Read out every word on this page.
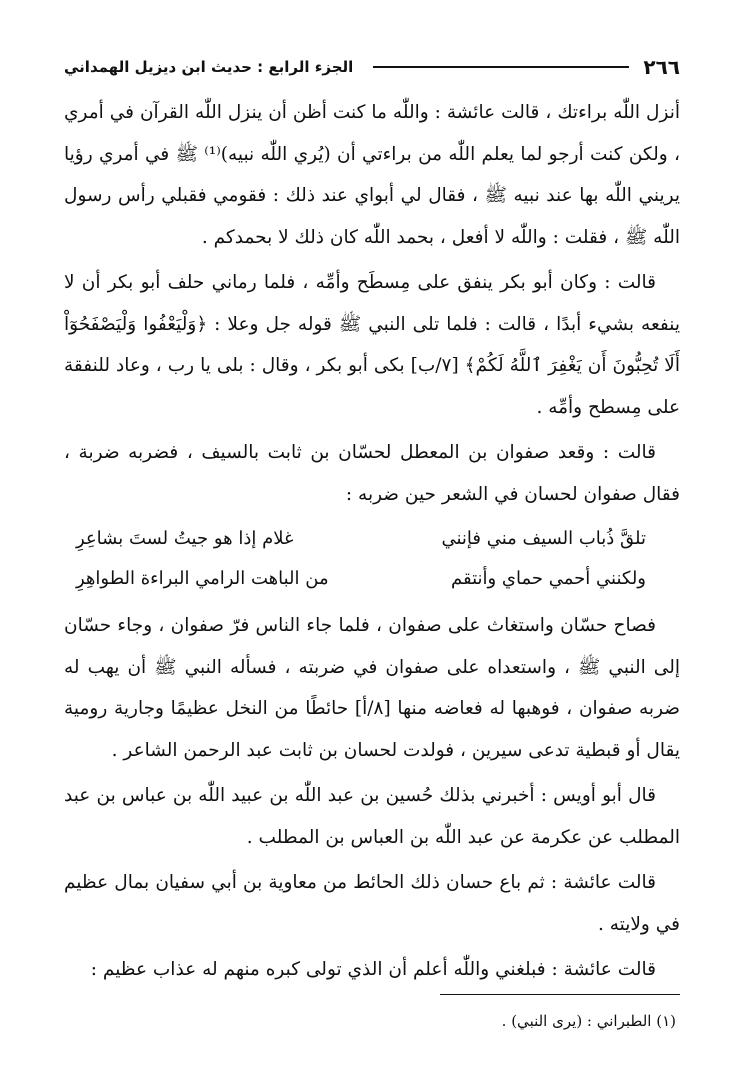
٢٦٦
الجزء الرابع : حديث ابن ديزيل الهمداني

أنزل اللّٰه براءتك ، قالت عائشة : واللّٰه ما كنت أظن أن ينزل اللّٰه القرآن في أمري ، ولكن كنت أرجو لما يعلم اللّٰه من براءتي أن (يُري اللّٰه نبيه)⁽¹⁾ ﷺ في أمري رؤيا يريني اللّٰه بها عند نبيه ﷺ ، فقال لي أبواي عند ذلك : فقومي فقبلي رأس رسول اللّٰه ﷺ ، فقلت : واللّٰه لا أفعل ، بحمد اللّٰه كان ذلك لا بحمدكم .

قالت : وكان أبو بكر ينفق على مِسطَح وأمِّه ، فلما رماني حلف أبو بكر أن لا ينفعه بشيء أبدًا ، قالت : فلما تلى النبي ﷺ قوله جل وعلا : ﴿وَلْيَعْفُوا وَلْيَصْفَحُوٓاْ أَلَا تُحِبُّونَ أَن يَغْفِرَ ٱللَّهُ لَكُمْ﴾ [٧/ب] بكى أبو بكر ، وقال : بلى يا رب ، وعاد للنفقة على مِسطح وأمِّه .

قالت : وقعد صفوان بن المعطل لحسّان بن ثابت بالسيف ، فضربه ضربة ، فقال صفوان لحسان في الشعر حين ضربه :

تلقَّ ذُباب السيف مني فإنني
غلام إذا هو جيتُ لستَ بشاعِرِ
ولكنني أحمي حماي وأنتقم
من الباهت الرامي البراءة الطواهِرِ

فصاح حسّان واستغاث على صفوان ، فلما جاء الناس فرّ صفوان ، وجاء حسّان إلى النبي ﷺ ، واستعداه على صفوان في ضربته ، فسأله النبي ﷺ أن يهب له ضربه صفوان ، فوهبها له فعاضه منها [٨/أ] حائطًا من النخل عظيمًا وجارية رومية يقال أو قبطية تدعى سيرين ، فولدت لحسان بن ثابت عبد الرحمن الشاعر .

قال أبو أويس : أخبرني بذلك حُسين بن عبد اللّٰه بن عبيد اللّٰه بن عباس بن عبد المطلب عن عكرمة عن عبد اللّٰه بن العباس بن المطلب .

قالت عائشة : ثم باع حسان ذلك الحائط من معاوية بن أبي سفيان بمال عظيم في ولايته .

قالت عائشة : فبلغني واللّٰه أعلم أن الذي تولى كبره منهم له عذاب عظيم :

(١) الطبراني : (يرى النبي) .
